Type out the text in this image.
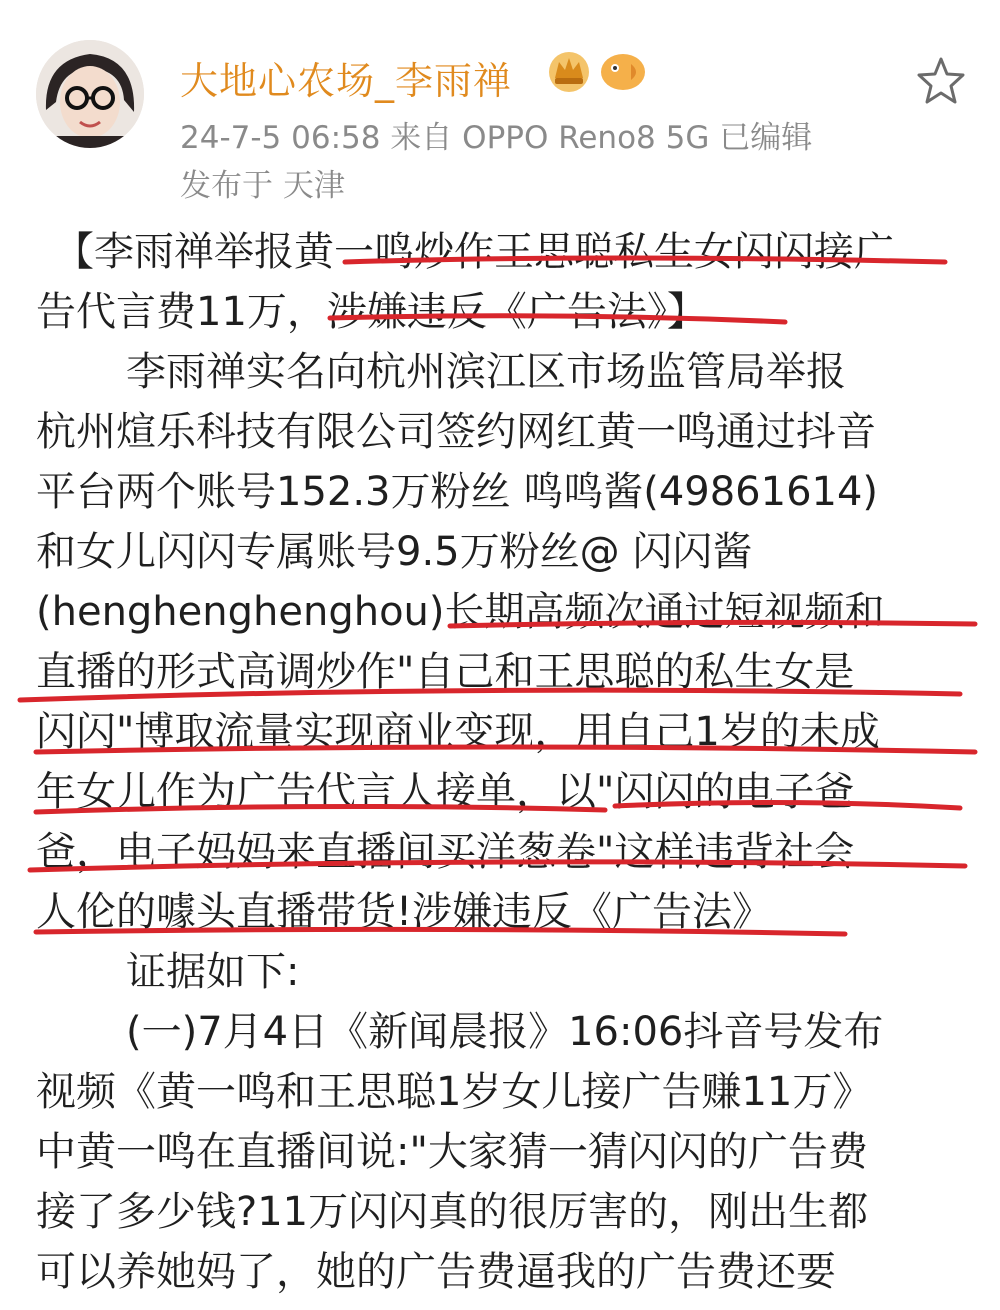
大地心农场_李雨禅
24-7-5 06:58 来自 OPPO Reno8 5G 已编辑
发布于 天津
【李雨禅举报黄一鸣炒作王思聪私生女闪闪接广
告代言费11万，涉嫌违反《广告法》】
李雨禅实名向杭州滨江区市场监管局举报
杭州煊乐科技有限公司签约网红黄一鸣通过抖音
平台两个账号152.3万粉丝 鸣鸣酱(49861614)
和女儿闪闪专属账号9.5万粉丝@ 闪闪酱
(henghenghenghou)长期高频次通过短视频和
直播的形式高调炒作"自己和王思聪的私生女是
闪闪"博取流量实现商业变现，用自己1岁的未成
年女儿作为广告代言人接单，以"闪闪的电子爸
爸，电子妈妈来直播间买洋葱卷"这样违背社会
人伦的噱头直播带货!涉嫌违反《广告法》
证据如下:
(一)7月4日《新闻晨报》16:06抖音号发布
视频《黄一鸣和王思聪1岁女儿接广告赚11万》
中黄一鸣在直播间说:"大家猜一猜闪闪的广告费
接了多少钱?11万闪闪真的很厉害的，刚出生都
可以养她妈了，她的广告费逼我的广告费还要
